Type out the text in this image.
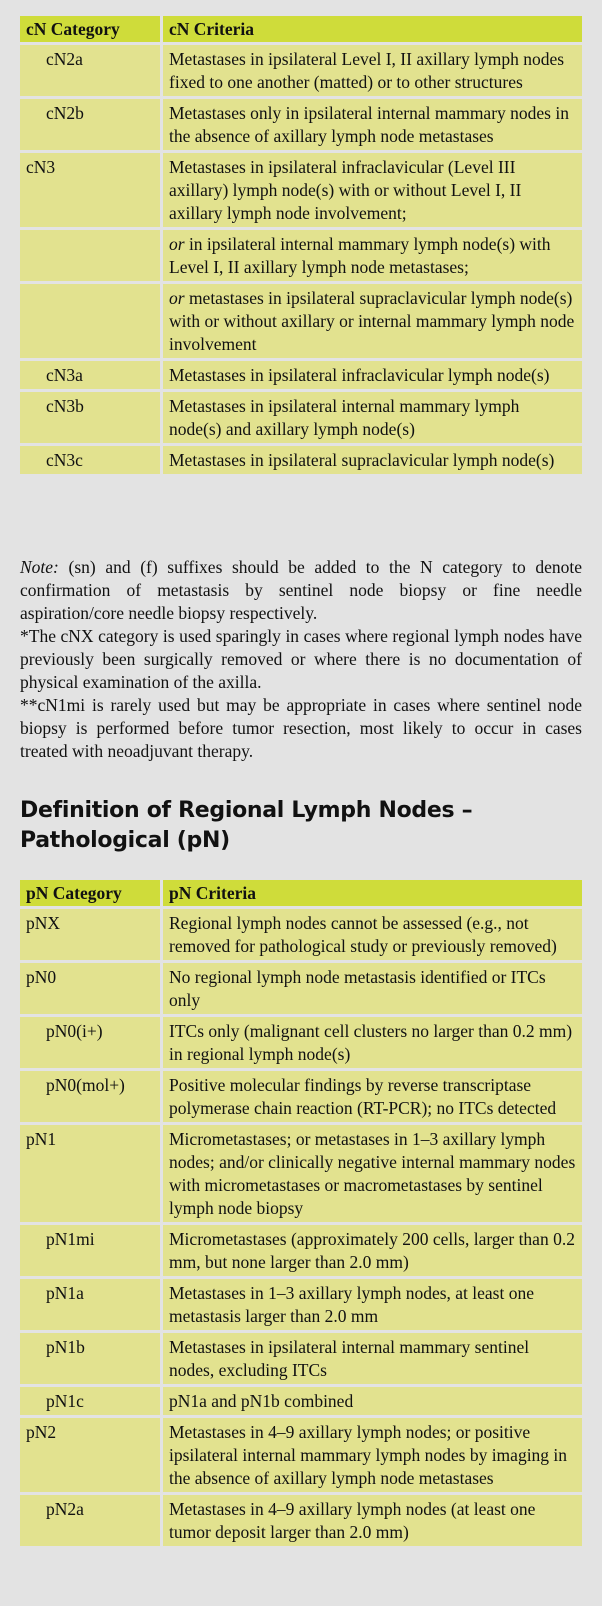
cN Category	cN Criteria
cN2a	Metastases in ipsilateral Level I, II axillary lymph nodes fixed to one another (matted) or to other structures
cN2b	Metastases only in ipsilateral internal mammary nodes in the absence of axillary lymph node metastases
cN3	Metastases in ipsilateral infraclavicular (Level III axillary) lymph node(s) with or without Level I, II axillary lymph node involvement;
	or in ipsilateral internal mammary lymph node(s) with Level I, II axillary lymph node metastases;
	or metastases in ipsilateral supraclavicular lymph node(s) with or without axillary or internal mammary lymph node involvement
cN3a	Metastases in ipsilateral infraclavicular lymph node(s)
cN3b	Metastases in ipsilateral internal mammary lymph node(s) and axillary lymph node(s)
cN3c	Metastases in ipsilateral supraclavicular lymph node(s)

Note: (sn) and (f) suffixes should be added to the N category to denote confirmation of metastasis by sentinel node biopsy or fine needle aspiration/core needle biopsy respectively.

*The cNX category is used sparingly in cases where regional lymph nodes have previously been surgically removed or where there is no documentation of physical examination of the axilla.

**cN1mi is rarely used but may be appropriate in cases where sentinel node biopsy is performed before tumor resection, most likely to occur in cases treated with neoadjuvant therapy.

Definition of Regional Lymph Nodes –
Pathological (pN)
pN Category	pN Criteria
pNX	Regional lymph nodes cannot be assessed (e.g., not removed for pathological study or previously removed)
pN0	No regional lymph node metastasis identified or ITCs only
pN0(i+)	ITCs only (malignant cell clusters no larger than 0.2 mm) in regional lymph node(s)
pN0(mol+)	Positive molecular findings by reverse transcriptase polymerase chain reaction (RT-PCR); no ITCs detected
pN1	Micrometastases; or metastases in 1–3 axillary lymph nodes; and/or clinically negative internal mammary nodes with micrometastases or macrometastases by sentinel lymph node biopsy
pN1mi	Micrometastases (approximately 200 cells, larger than 0.2 mm, but none larger than 2.0 mm)
pN1a	Metastases in 1–3 axillary lymph nodes, at least one metastasis larger than 2.0 mm
pN1b	Metastases in ipsilateral internal mammary sentinel nodes, excluding ITCs
pN1c	pN1a and pN1b combined
pN2	Metastases in 4–9 axillary lymph nodes; or positive ipsilateral internal mammary lymph nodes by imaging in the absence of axillary lymph node metastases
pN2a	Metastases in 4–9 axillary lymph nodes (at least one tumor deposit larger than 2.0 mm)
